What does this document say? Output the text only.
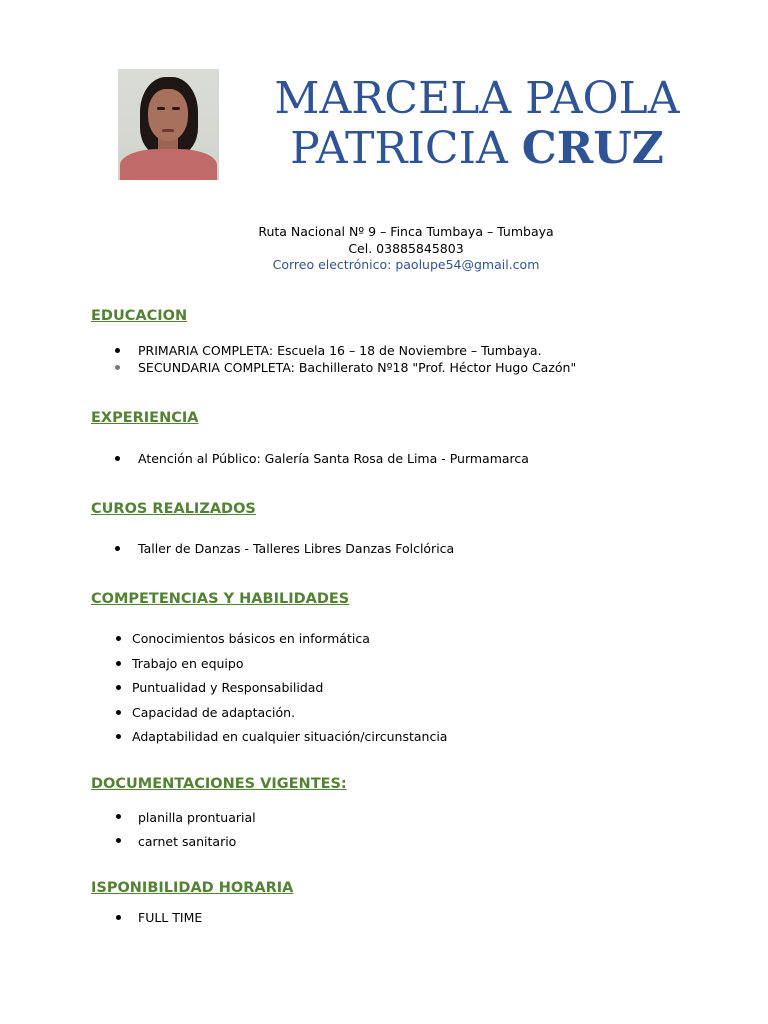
MARCELA PAOLA
PATRICIA CRUZ
Ruta Nacional Nº 9 – Finca Tumbaya – Tumbaya
Cel. 03885845803
Correo electrónico: paolupe54@gmail.com
EDUCACION
PRIMARIA COMPLETA: Escuela 16 – 18 de Noviembre – Tumbaya.
SECUNDARIA COMPLETA: Bachillerato Nº18 "Prof. Héctor Hugo Cazón"
EXPERIENCIA
Atención al Público: Galería Santa Rosa de Lima - Purmamarca
CUROS REALIZADOS
Taller de Danzas - Talleres Libres Danzas Folclórica
COMPETENCIAS Y HABILIDADES
Conocimientos básicos en informática
Trabajo en equipo
Puntualidad y Responsabilidad
Capacidad de adaptación.
Adaptabilidad en cualquier situación/circunstancia
DOCUMENTACIONES VIGENTES:
planilla prontuarial
carnet sanitario
ISPONIBILIDAD HORARIA
FULL TIME
